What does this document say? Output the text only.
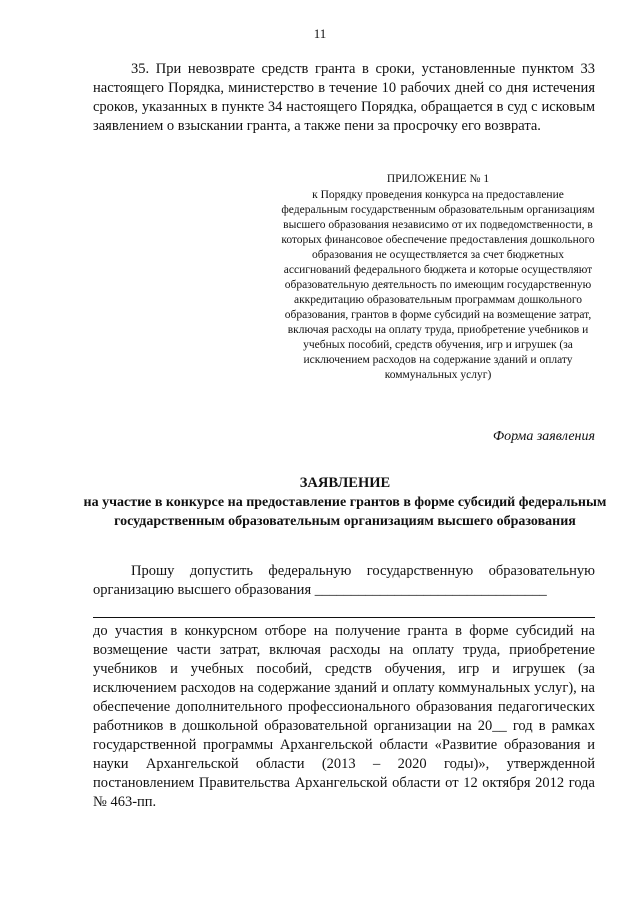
11

35. При невозврате средств гранта в сроки, установленные пунктом 33 настоящего Порядка, министерство в течение 10 рабочих дней со дня истечения сроков, указанных в пункте 34 настоящего Порядка, обращается в суд с исковым заявлением о взыскании гранта, а также пени за просрочку его возврата.

ПРИЛОЖЕНИЕ № 1

к Порядку проведения конкурса на предоставление федеральным государственным образовательным организациям высшего образования независимо от их подведомственности, в которых финансовое обеспечение предоставления дошкольного образования не осуществляется за счет бюджетных ассигнований федерального бюджета и которые осуществляют образовательную деятельность по имеющим государственную аккредитацию образовательным программам дошкольного образования, грантов в форме субсидий на возмещение затрат, включая расходы на оплату труда, приобретение учебников и учебных пособий, средств обучения, игр и игрушек (за исключением расходов на содержание зданий и оплату коммунальных услуг)

Форма заявления
ЗАЯВЛЕНИЕ
на участие в конкурсе на предоставление грантов в форме субсидий федеральным государственным образовательным организациям высшего образования

Прошу допустить федеральную государственную образовательную организацию высшего образования ________________________________

до участия в конкурсном отборе на получение гранта в форме субсидий на возмещение части затрат, включая расходы на оплату труда, приобретение учебников и учебных пособий, средств обучения, игр и игрушек (за исключением расходов на содержание зданий и оплату коммунальных услуг), на обеспечение дополнительного профессионального образования педагогических работников в дошкольной образовательной организации на 20__ год в рамках государственной программы Архангельской области «Развитие образования и науки Архангельской области (2013 – 2020 годы)», утвержденной постановлением Правительства Архангельской области от 12 октября 2012 года № 463-пп.
